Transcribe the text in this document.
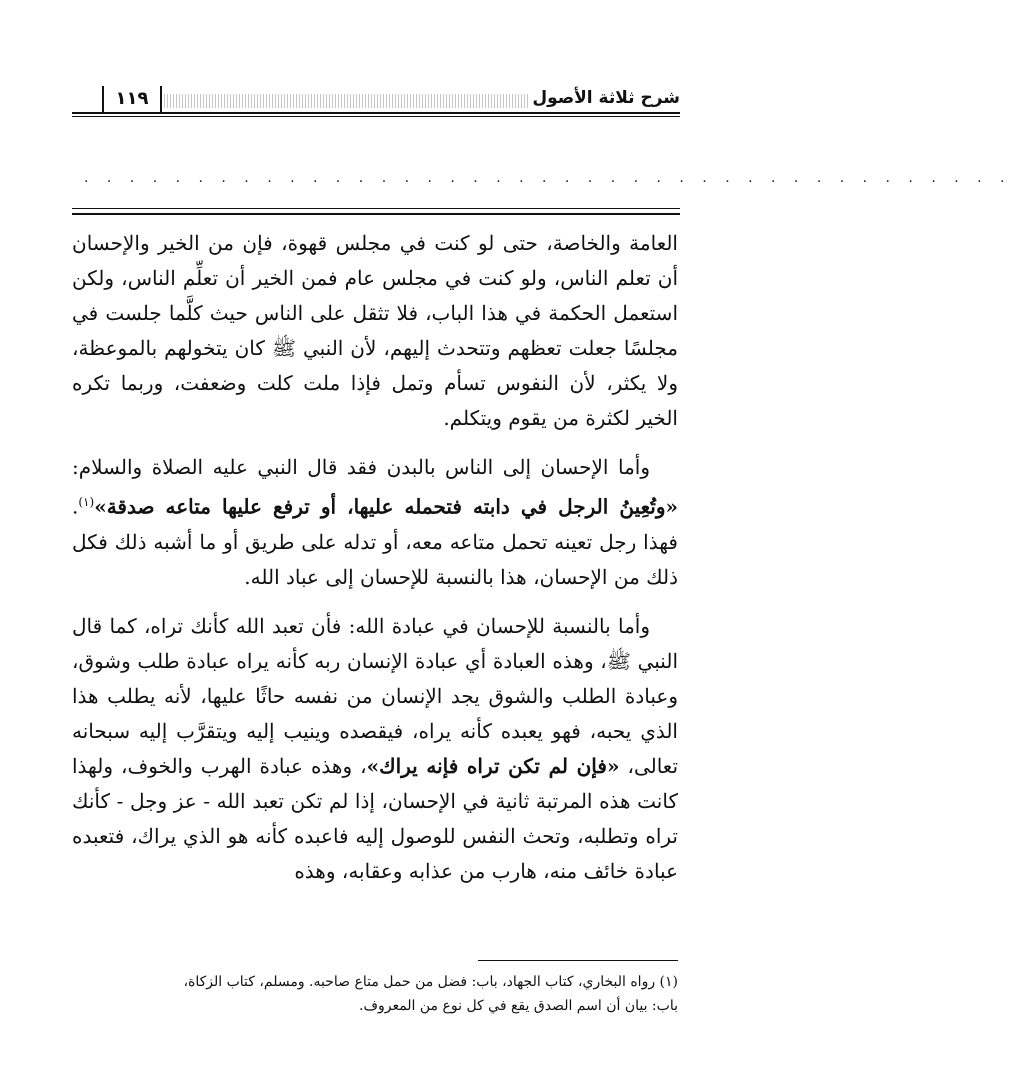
شرح ثلاثة الأصول
١١٩
. . . . . . . . . . . . . . . . . . . . . . . . . . . . . . . . . . . . . . . . .

العامة والخاصة، حتى لو كنت في مجلس قهوة، فإن من الخير والإحسان أن تعلم الناس، ولو كنت في مجلس عام فمن الخير أن تعلِّم الناس، ولكن استعمل الحكمة في هذا الباب، فلا تثقل على الناس حيث كلَّما جلست في مجلسًا جعلت تعظهم وتتحدث إليهم، لأن النبي ﷺ كان يتخولهم بالموعظة، ولا يكثر، لأن النفوس تسأم وتمل فإذا ملت كلت وضعفت، وربما تكره الخير لكثرة من يقوم ويتكلم.

وأما الإحسان إلى الناس بالبدن فقد قال النبي عليه الصلاة والسلام: «وتُعِينُ الرجل في دابته فتحمله عليها، أو ترفع عليها متاعه صدقة»$^{(١)}$. فهذا رجل تعينه تحمل متاعه معه، أو تدله على طريق أو ما أشبه ذلك فكل ذلك من الإحسان، هذا بالنسبة للإحسان إلى عباد الله.

وأما بالنسبة للإحسان في عبادة الله: فأن تعبد الله كأنك تراه، كما قال النبي ﷺ، وهذه العبادة أي عبادة الإنسان ربه كأنه يراه عبادة طلب وشوق، وعبادة الطلب والشوق يجد الإنسان من نفسه حاثًا عليها، لأنه يطلب هذا الذي يحبه، فهو يعبده كأنه يراه، فيقصده وينيب إليه ويتقرَّب إليه سبحانه تعالى، «فإن لم تكن تراه فإنه يراك»، وهذه عبادة الهرب والخوف، ولهذا كانت هذه المرتبة ثانية في الإحسان، إذا لم تكن تعبد الله - عز وجل - كأنك تراه وتطلبه، وتحث النفس للوصول إليه فاعبده كأنه هو الذي يراك، فتعبده عبادة خائف منه، هارب من عذابه وعقابه، وهذه

(١) رواه البخاري، كتاب الجهاد، باب: فضل من حمل متاع صاحبه. ومسلم، كتاب الزكاة،
باب: بيان أن اسم الصدق يقع في كل نوع من المعروف.
